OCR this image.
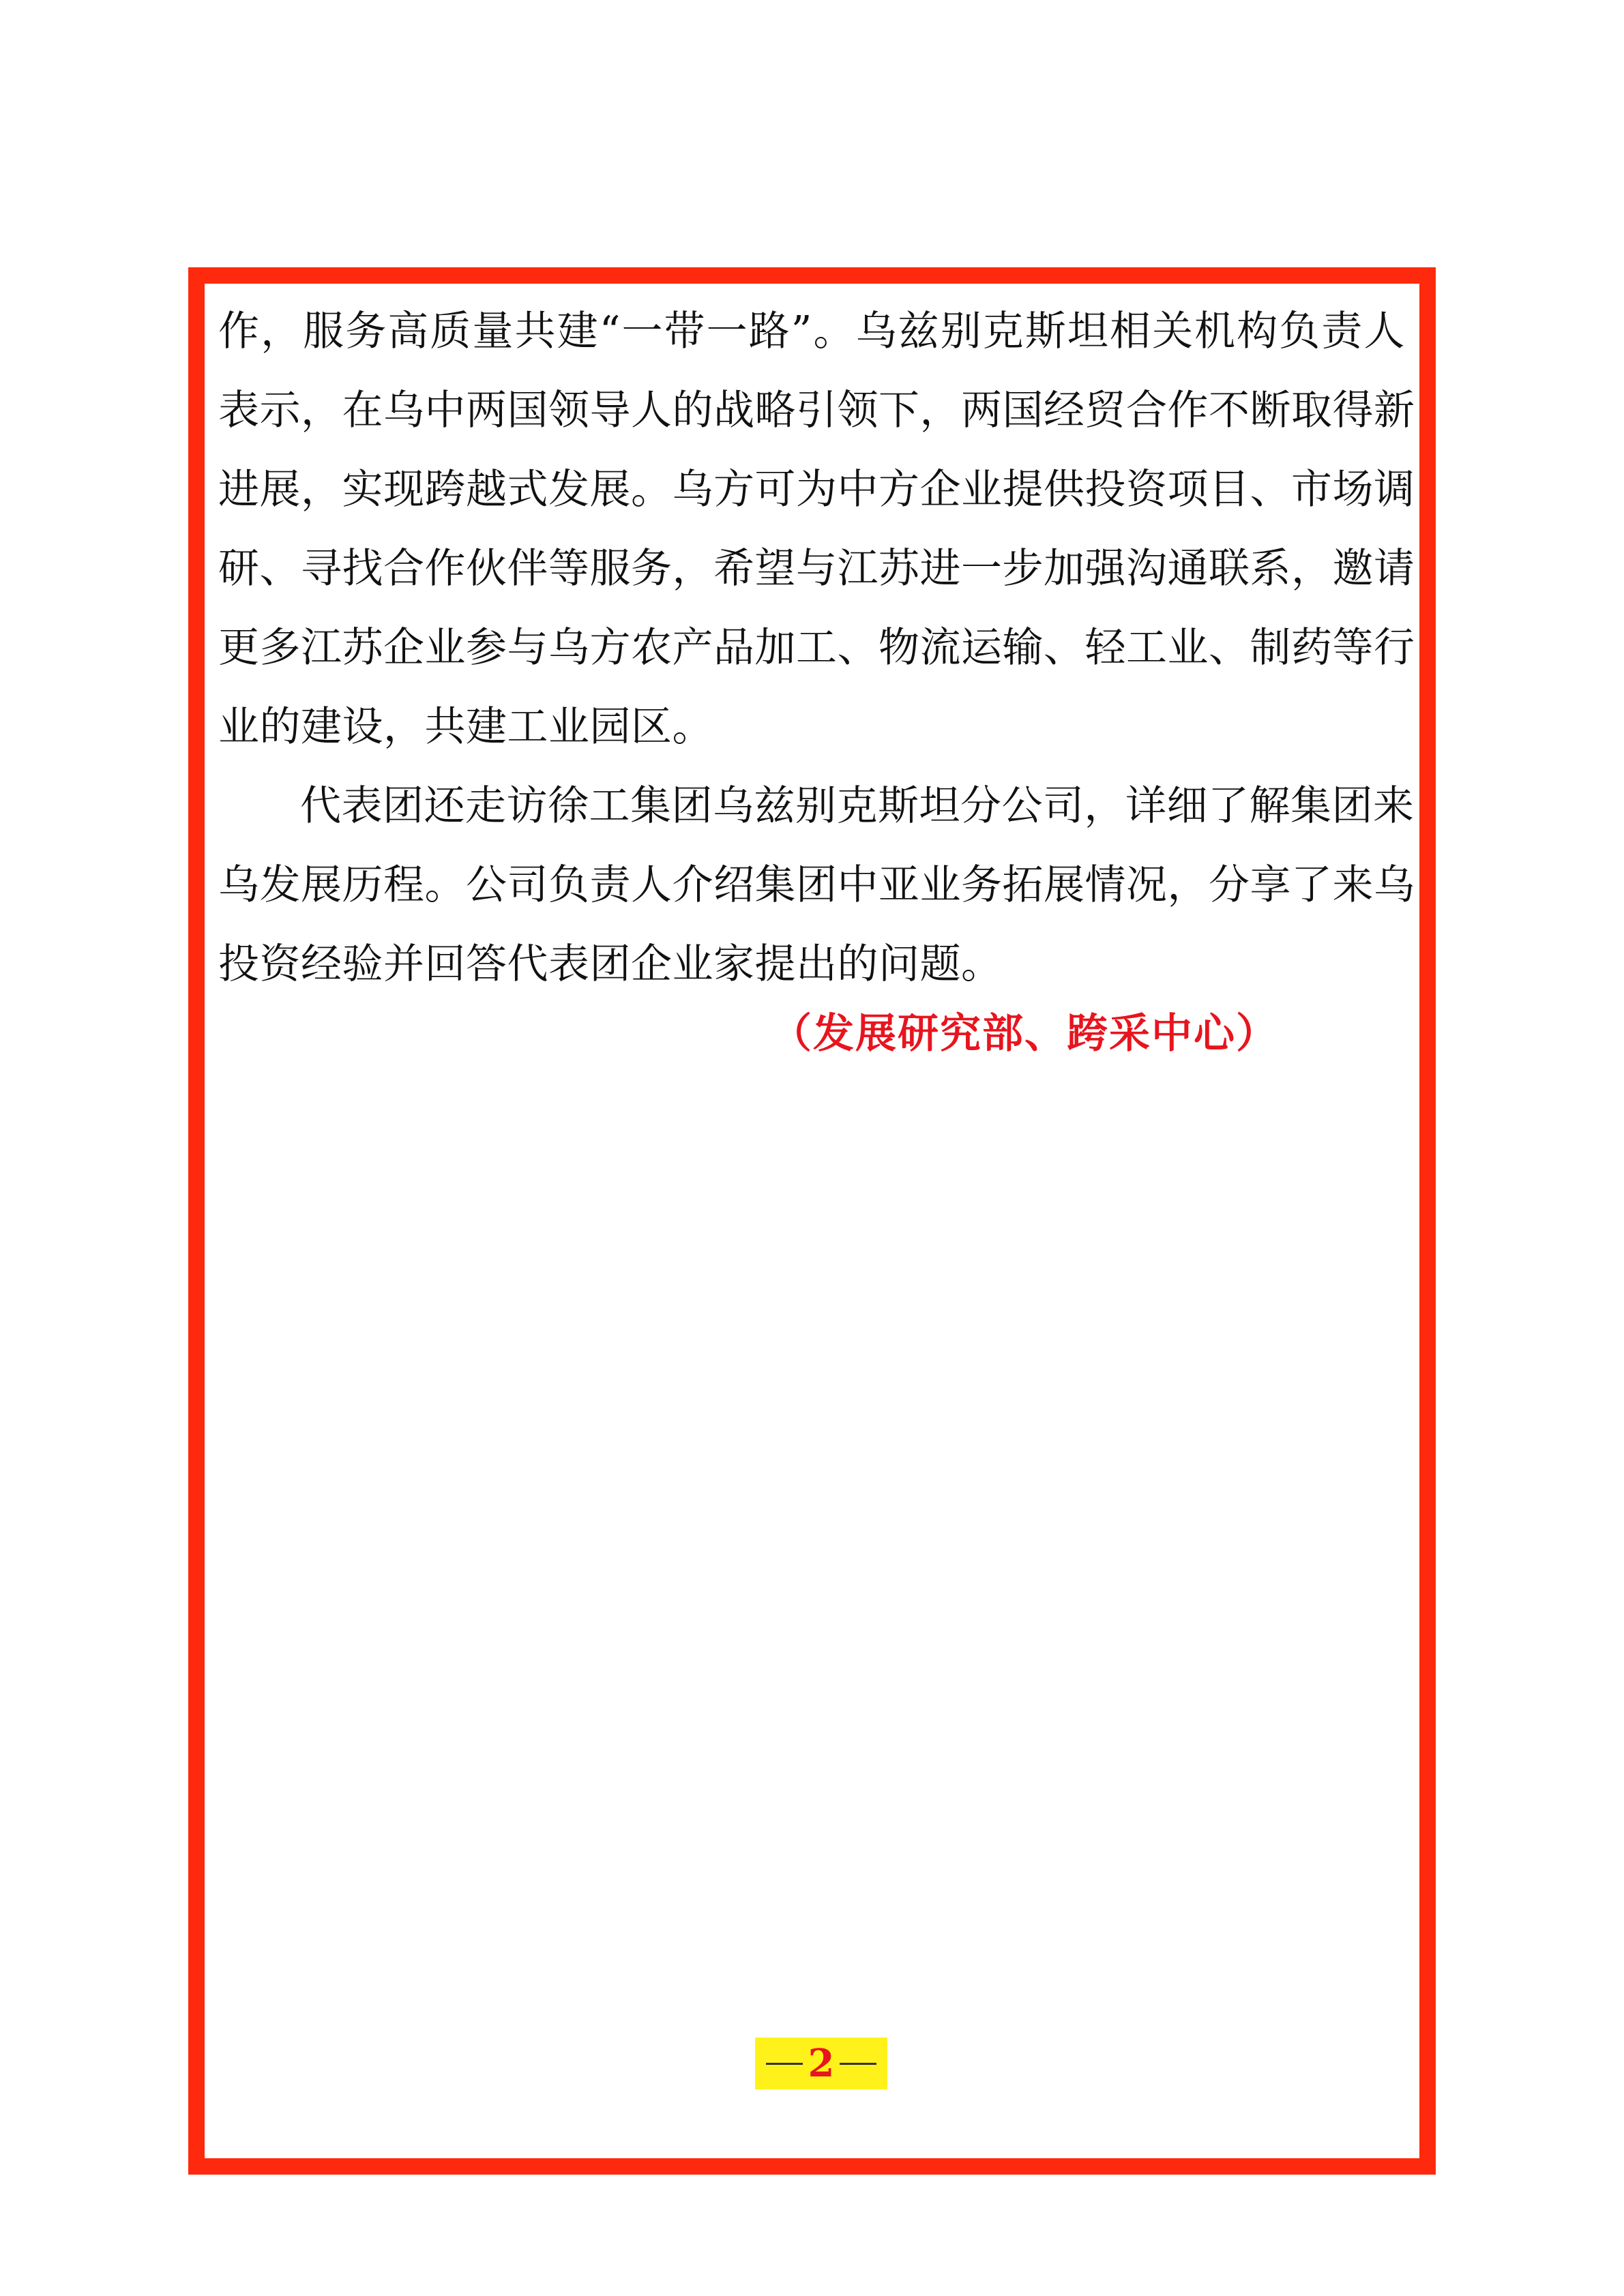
作，服务高质量共建“一带一路”。乌兹别克斯坦相关机构负责人
表示，在乌中两国领导人的战略引领下，两国经贸合作不断取得新
进展，实现跨越式发展。乌方可为中方企业提供投资项目、市场调
研、寻找合作伙伴等服务，希望与江苏进一步加强沟通联系，邀请
更多江苏企业参与乌方农产品加工、物流运输、轻工业、制药等行
业的建设，共建工业园区。
代表团还走访徐工集团乌兹别克斯坦分公司，详细了解集团来
乌发展历程。公司负责人介绍集团中亚业务拓展情况，分享了来乌
投资经验并回答代表团企业家提出的问题。
（发展研究部、跨采中心）
2
